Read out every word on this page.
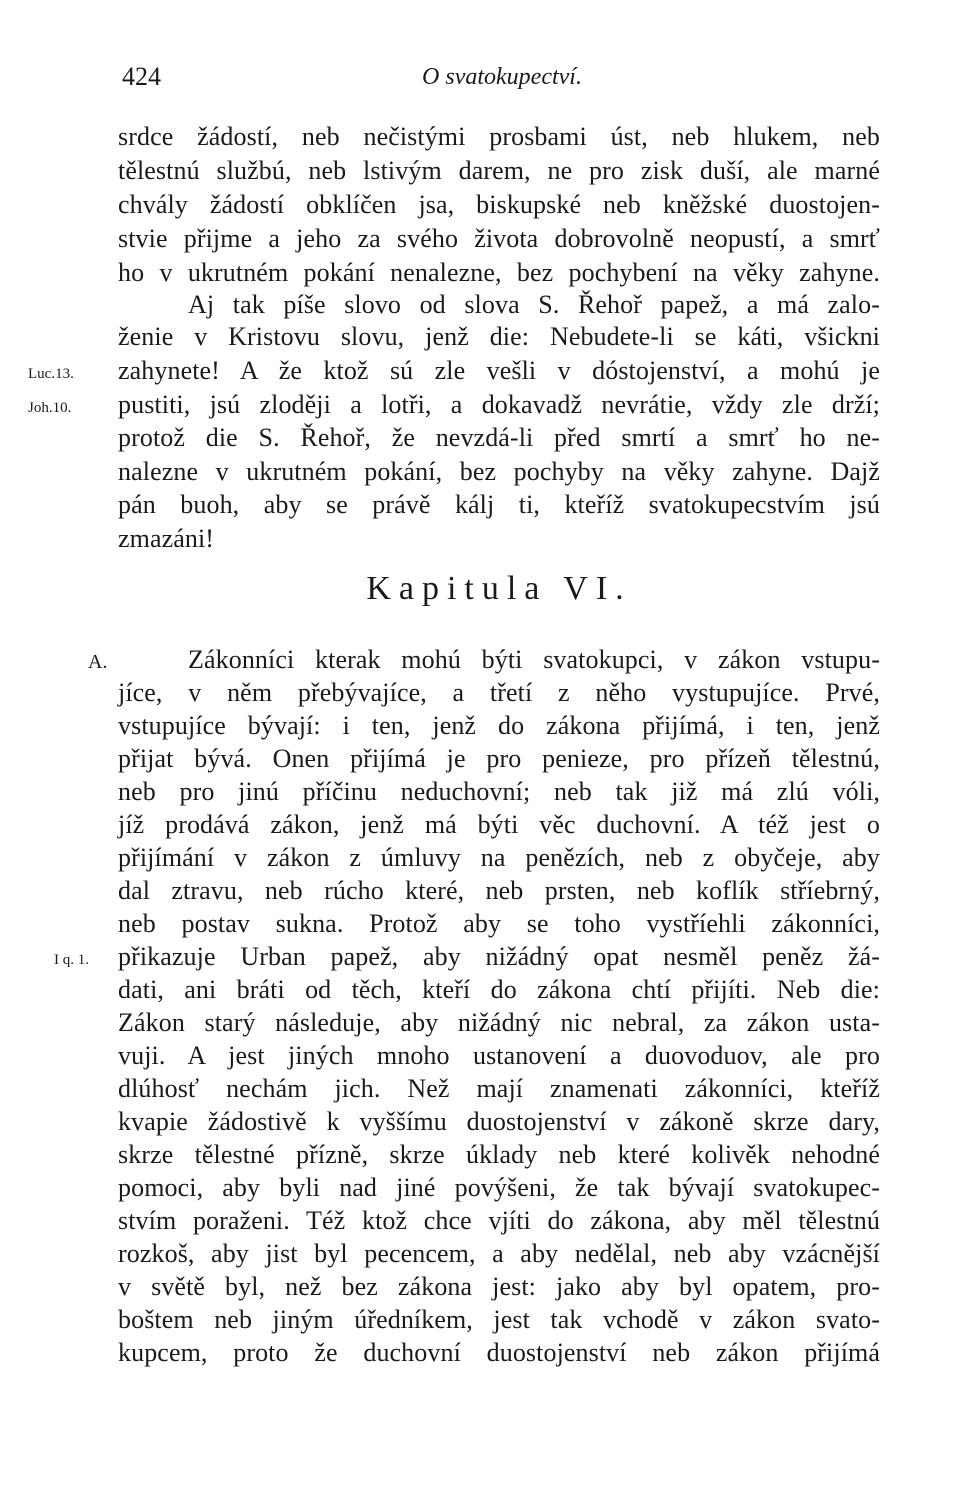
424	O svatokupectví.
srdce žádostí, neb nečistými prosbami úst, neb hlukem, neb
tělestnú službú, neb lstivým darem, ne pro zisk duší, ale marné
chvály žádostí obklíčen jsa, biskupské neb kněžské duostojen-
stvie přijme a jeho za svého života dobrovolně neopustí, a smrť
ho v ukrutném pokání nenalezne, bez pochybení na věky zahyne.
Aj tak píše slovo od slova S. Řehoř papež, a má zalo-
ženie v Kristovu slovu, jenž die: Nebudete-li se káti, všickni
zahynete! A že ktož sú zle vešli v dóstojenství, a mohú je
pustiti, jsú zloději a lotři, a dokavadž nevrátie, vždy zle drží;
protož die S. Řehoř, že nevzdá-li před smrtí a smrť ho ne-
nalezne v ukrutném pokání, bez pochyby na věky zahyne. Dajž
pán buoh, aby se právě kálj ti, kteříž svatokupecstvím jsú
zmazáni!
Kapitula VI.
Zákonníci kterak mohú býti svatokupci, v zákon vstupu-
jíce, v něm přebývajíce, a třetí z něho vystupujíce. Prvé,
vstupujíce bývají: i ten, jenž do zákona přijímá, i ten, jenž
přijat bývá. Onen přijímá je pro penieze, pro přízeň tělestnú,
neb pro jinú příčinu neduchovní; neb tak již má zlú vóli,
jíž prodává zákon, jenž má býti věc duchovní. A též jest o
přijímání v zákon z úmluvy na penězích, neb z obyčeje, aby
dal ztravu, neb rúcho které, neb prsten, neb koflík stříebrný,
neb postav sukna. Protož aby se toho vystříehli zákonníci,
přikazuje Urban papež, aby nižádný opat nesměl peněz žá-
dati, ani bráti od těch, kteří do zákona chtí přijíti. Neb die:
Zákon starý následuje, aby nižádný nic nebral, za zákon usta-
vuji. A jest jiných mnoho ustanovení a duovoduov, ale pro
dlúhosť nechám jich. Než mají znamenati zákonníci, kteříž
kvapie žádostivě k vyššímu duostojenství v zákoně skrze dary,
skrze tělestné přízně, skrze úklady neb které kolivěk nehodné
pomoci, aby byli nad jiné povýšeni, že tak bývají svatokupec-
stvím poraženi. Též ktož chce vjíti do zákona, aby měl tělestnú
rozkoš, aby jist byl pecencem, a aby nedělal, neb aby vzácnější
v světě byl, než bez zákona jest: jako aby byl opatem, pro-
boštem neb jiným úředníkem, jest tak vchodě v zákon svato-
kupcem, proto že duchovní duostojenství neb zákon přijímá
Luc.13.
Joh.10.
A.
I q. 1.
